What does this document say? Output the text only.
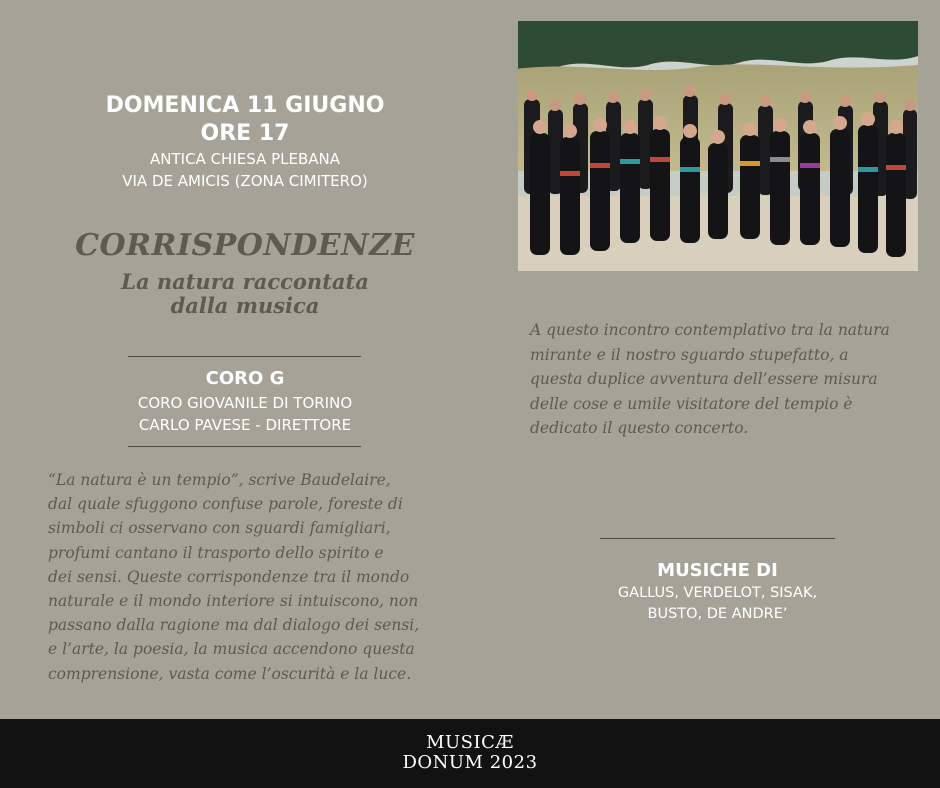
DOMENICA 11 GIUGNO
ORE 17
ANTICA CHIESA PLEBANA
VIA DE AMICIS (ZONA CIMITERO)
CORRISPONDENZE
La natura raccontata
dalla musica
CORO G
CORO GIOVANILE DI TORINO
CARLO PAVESE - DIRETTORE
“La natura è un tempio”, scrive Baudelaire,
dal quale sfuggono confuse parole, foreste di
simboli ci osservano con sguardi famigliari,
profumi cantano il trasporto dello spirito e
dei sensi. Queste corrispondenze tra il mondo
naturale e il mondo interiore si intuiscono, non
passano dalla ragione ma dal dialogo dei sensi,
e l’arte, la poesia, la musica accendono questa
comprensione, vasta come l’oscurità e la luce.
A questo incontro contemplativo tra la natura
mirante e il nostro sguardo stupefatto, a
questa duplice avventura dell’essere misura
delle cose e umile visitatore del tempio è
dedicato il questo concerto.
MUSICHE DI
GALLUS, VERDELOT, SISAK,
BUSTO, DE ANDRE’
MUSICÆ
DONUM 2023
